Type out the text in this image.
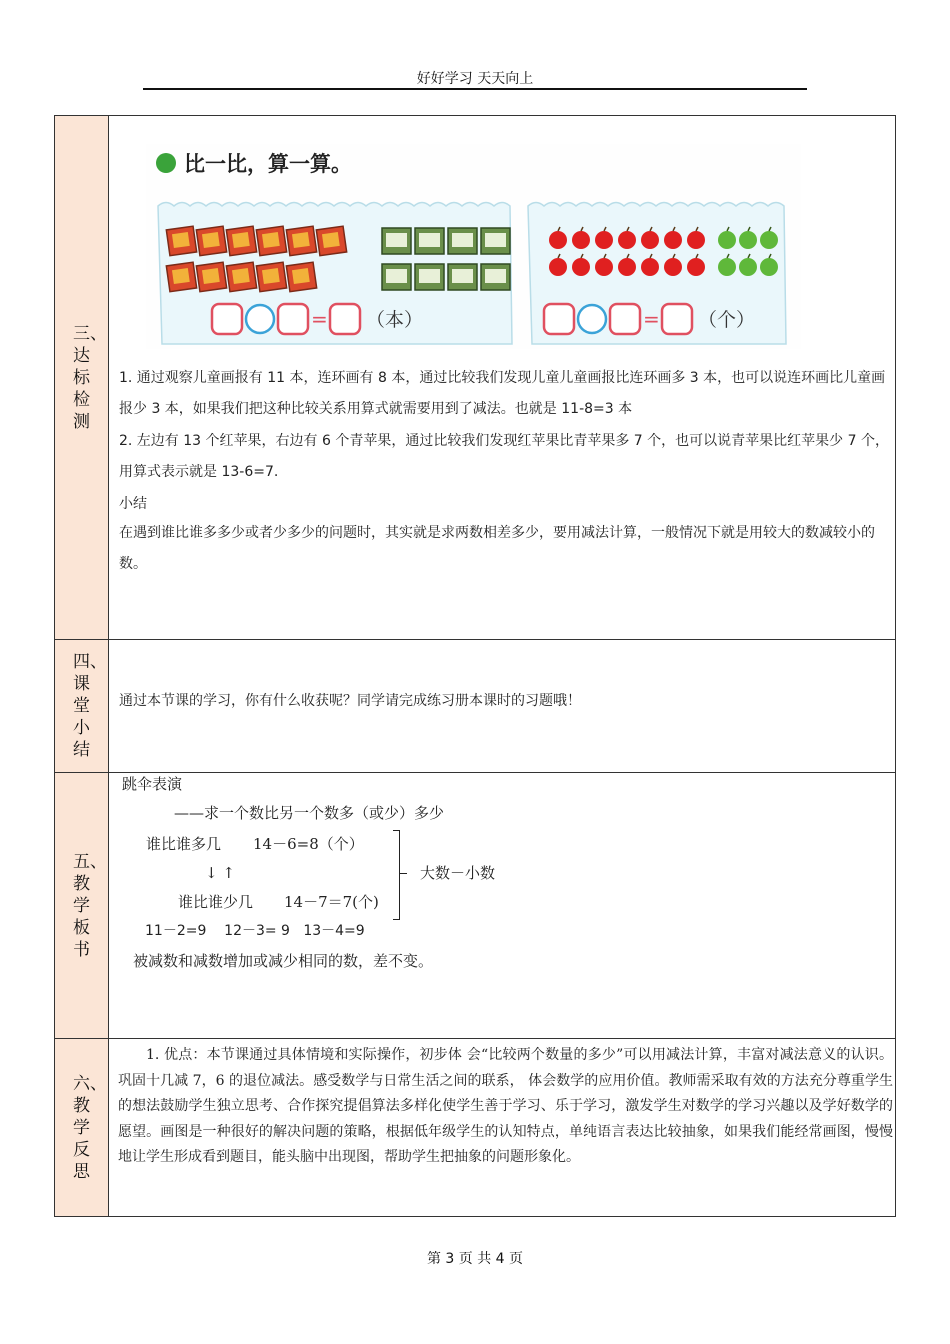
好好学习 天天向上
三、达标检测
比一比，算一算。
= （本）	= （个）
1. 通过观察儿童画报有 11 本，连环画有 8 本，通过比较我们发现儿童儿童画报比连环画多 3 本，也可以说连环画比儿童画报少 3 本，如果我们把这种比较关系用算式就需要用到了减法。也就是 11-8=3 本
2. 左边有 13 个红苹果，右边有 6 个青苹果，通过比较我们发现红苹果比青苹果多 7 个，也可以说青苹果比红苹果少 7 个，用算式表示就是 13-6=7.
小结
在遇到谁比谁多多少或者少多少的问题时，其实就是求两数相差多少，要用减法计算，一般情况下就是用较大的数减较小的数。
四、课堂小结
通过本节课的学习，你有什么收获呢？同学请完成练习册本课时的习题哦！
五、教学板书
跳伞表演
——求一个数比另一个数多（或少）多少
谁比谁多几 14－6=8（个）
↓ ↑
谁比谁少几 14－7＝7(个)
大数－小数
11－2=9    12－3= 9   13－4=9
被减数和减数增加或减少相同的数，差不变。
六、教学反思
1. 优点：本节课通过具体情境和实际操作，初步体 会“比较两个数量的多少”可以用减法计算，丰富对减法意义的认识。巩固十几减 7，6 的退位减法。感受数学与日常生活之间的联系， 体会数学的应用价值。教师需采取有效的方法充分尊重学生的想法鼓励学生独立思考、合作探究提倡算法多样化使学生善于学习、乐于学习，激发学生对数学的学习兴趣以及学好数学的愿望。画图是一种很好的解决问题的策略，根据低年级学生的认知特点，单纯语言表达比较抽象，如果我们能经常画图，慢慢地让学生形成看到题目，能头脑中出现图，帮助学生把抽象的问题形象化。
第 3 页 共 4 页
